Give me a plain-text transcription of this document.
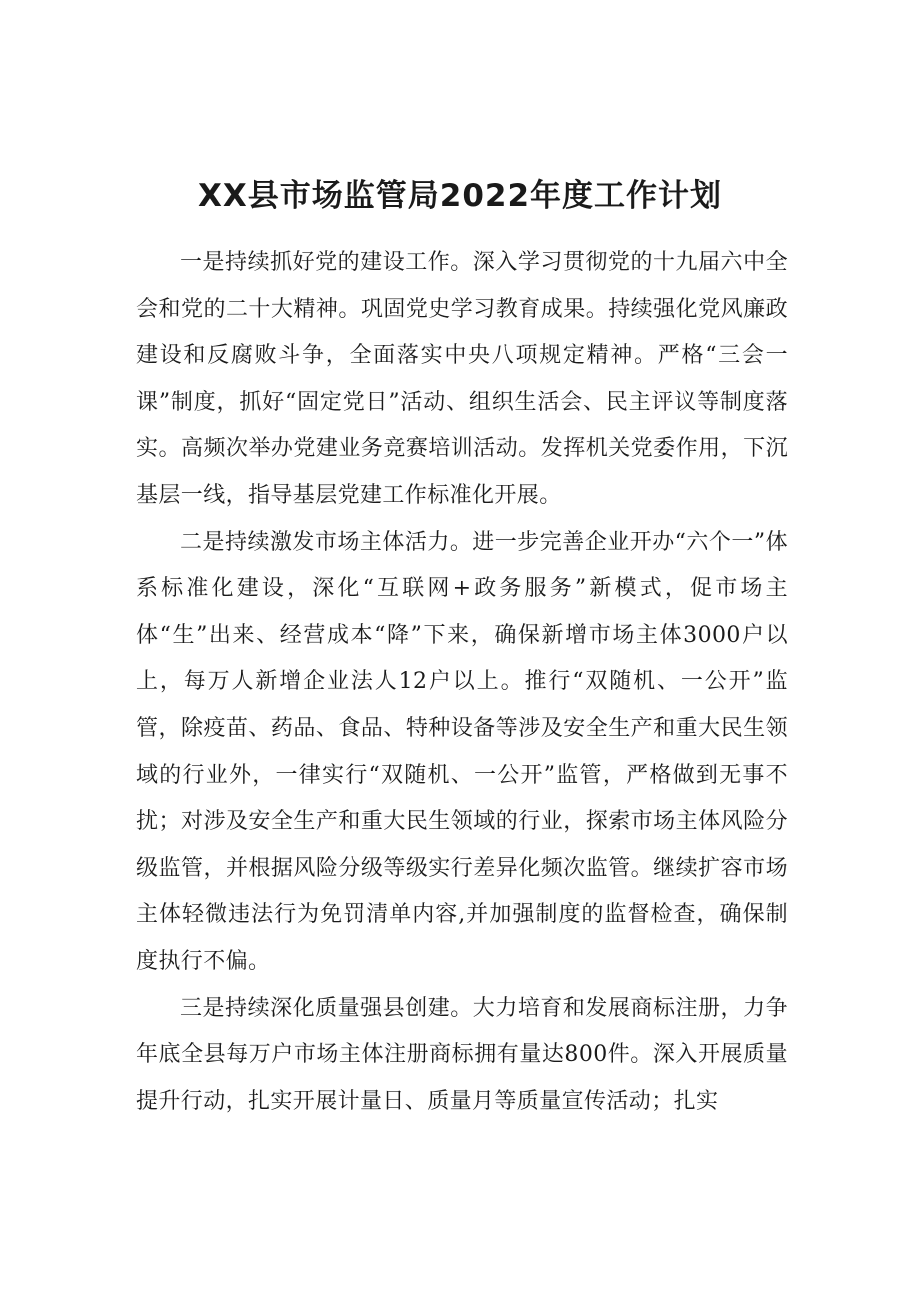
XX县市场监管局2022年度工作计划

一是持续抓好党的建设工作。深入学习贯彻党的十九届六中全会和党的二十大精神。巩固党史学习教育成果。持续强化党风廉政建设和反腐败斗争，全面落实中央八项规定精神。严格“三会一课”制度，抓好“固定党日”活动、组织生活会、民主评议等制度落实。高频次举办党建业务竞赛培训活动。发挥机关党委作用，下沉基层一线，指导基层党建工作标准化开展。

二是持续激发市场主体活力。进一步完善企业开办“六个一”体系标准化建设，深化“互联网+政务服务”新模式，促市场主体“生”出来、经营成本“降”下来，确保新增市场主体3000户以上，每万人新增企业法人12户以上。推行“双随机、一公开”监管，除疫苗、药品、食品、特种设备等涉及安全生产和重大民生领域的行业外，一律实行“双随机、一公开”监管，严格做到无事不扰；对涉及安全生产和重大民生领域的行业，探索市场主体风险分级监管，并根据风险分级等级实行差异化频次监管。继续扩容市场主体轻微违法行为免罚清单内容,并加强制度的监督检查，确保制度执行不偏。

三是持续深化质量强县创建。大力培育和发展商标注册，力争年底全县每万户市场主体注册商标拥有量达800件。深入开展质量提升行动，扎实开展计量日、质量月等质量宣传活动；扎实
